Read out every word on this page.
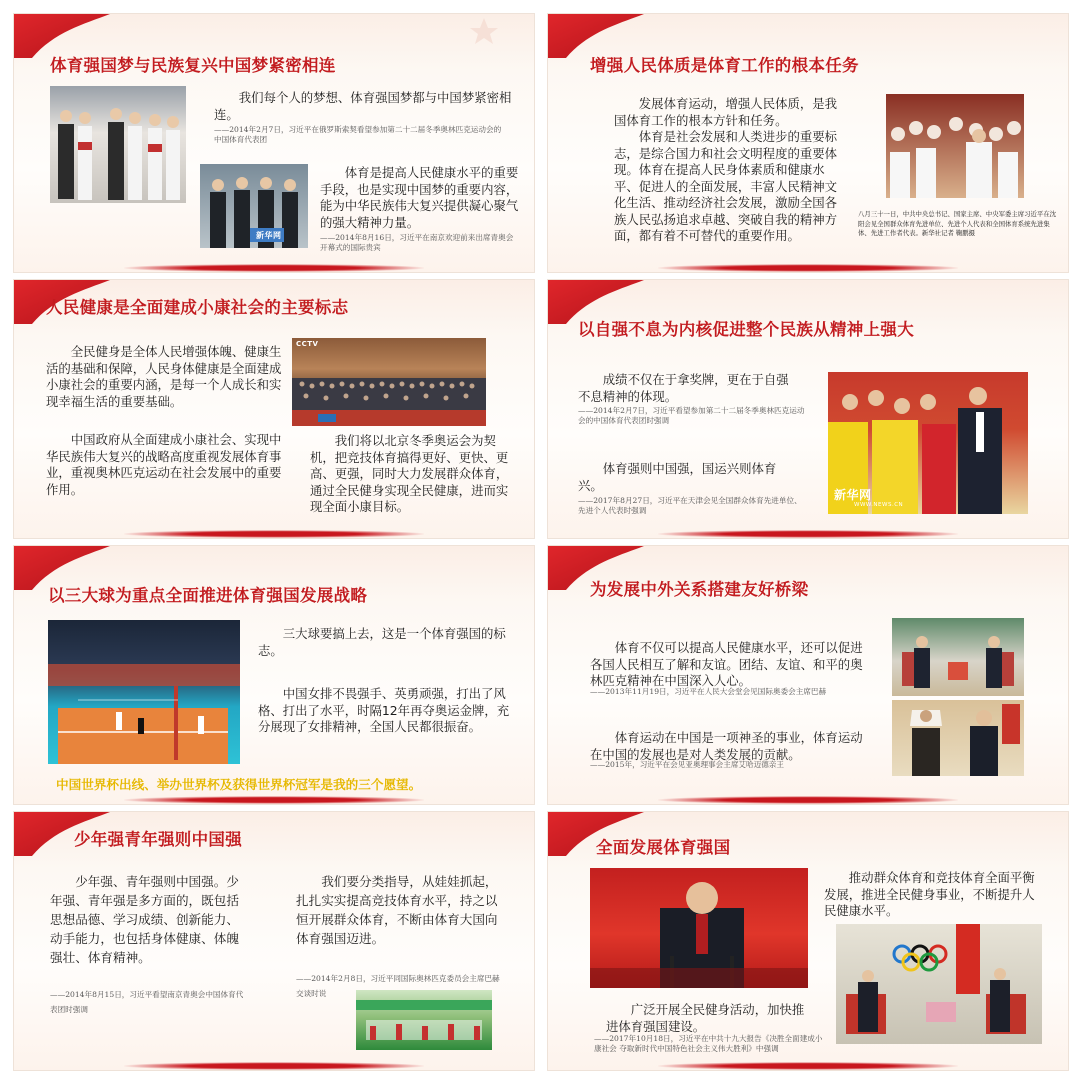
体育强国梦与民族复兴中国梦紧密相连
新华网

我们每个人的梦想、体育强国梦都与中国梦紧密相连。

——2014年2月7日，习近平在俄罗斯索契看望参加第二十二届冬季奥林匹克运动会的中国体育代表团

体育是提高人民健康水平的重要手段，也是实现中国梦的重要内容，能为中华民族伟大复兴提供凝心聚气的强大精神力量。

——2014年8月16日，习近平在南京欢迎前来出席青奥会开幕式的国际贵宾
增强人民体质是体育工作的根本任务

发展体育运动，增强人民体质，是我国体育工作的根本方针和任务。

体育是社会发展和人类进步的重要标志，是综合国力和社会文明程度的重要体现。体育在提高人民身体素质和健康水平、促进人的全面发展，丰富人民精神文化生活、推动经济社会发展，激励全国各族人民弘扬追求卓越、突破自我的精神方面，都有着不可替代的重要作用。

八月三十一日，中共中央总书记、国家主席、中央军委主席习近平在沈阳会见全国群众体育先进单位、先进个人代表和全国体育系统先进集体、先进工作者代表。新华社记者 鞠鹏摄
人民健康是全面建成小康社会的主要标志

全民健身是全体人民增强体魄、健康生活的基础和保障，人民身体健康是全面建成小康社会的重要内涵，是每一个人成长和实现幸福生活的重要基础。

中国政府从全面建成小康社会、实现中华民族伟大复兴的战略高度重视发展体育事业，重视奥林匹克运动在社会发展中的重要作用。

CCTV

我们将以北京冬季奥运会为契机，把竞技体育搞得更好、更快、更高、更强，同时大力发展群众体育，通过全民健身实现全民健康，进而实现全面小康目标。

以自强不息为内核促进整个民族从精神上强大

成绩不仅在于拿奖牌，更在于自强不息精神的体现。

——2014年2月7日，习近平看望参加第二十二届冬季奥林匹克运动会的中国体育代表团时强调

体育强则中国强，国运兴则体育兴。

——2017年8月27日，习近平在天津会见全国群众体育先进单位、先进个人代表时强调
新华网
WWW.NEWS.CN
以三大球为重点全面推进体育强国发展战略

三大球要搞上去，这是一个体育强国的标志。

中国女排不畏强手、英勇顽强，打出了风格、打出了水平，时隔12年再夺奥运金牌，充分展现了女排精神，全国人民都很振奋。

中国世界杯出线、举办世界杯及获得世界杯冠军是我的三个愿望。
为发展中外关系搭建友好桥梁

体育不仅可以提高人民健康水平，还可以促进各国人民相互了解和友谊。团结、友谊、和平的奥林匹克精神在中国深入人心。

——2013年11月19日，习近平在人民大会堂会见国际奥委会主席巴赫

体育运动在中国是一项神圣的事业，体育运动在中国的发展也是对人类发展的贡献。

——2015年，习近平在会见亚奥理事会主席艾哈迈德亲王
少年强青年强则中国强

少年强、青年强则中国强。少年强、青年强是多方面的，既包括思想品德、学习成绩、创新能力、动手能力，也包括身体健康、体魄强壮、体育精神。

——2014年8月15日，习近平看望南京青奥会中国体育代表团时强调

我们要分类指导，从娃娃抓起，扎扎实实提高竞技体育水平，持之以恒开展群众体育，不断由体育大国向体育强国迈进。

——2014年2月8日，习近平同国际奥林匹克委员会主席巴赫交谈时说
全面发展体育强国

广泛开展全民健身活动，加快推进体育强国建设。

——2017年10月18日，习近平在中共十九大报告《决胜全面建成小康社会 夺取新时代中国特色社会主义伟大胜利》中强调

推动群众体育和竞技体育全面平衡发展，推进全民健身事业，不断提升人民健康水平。
